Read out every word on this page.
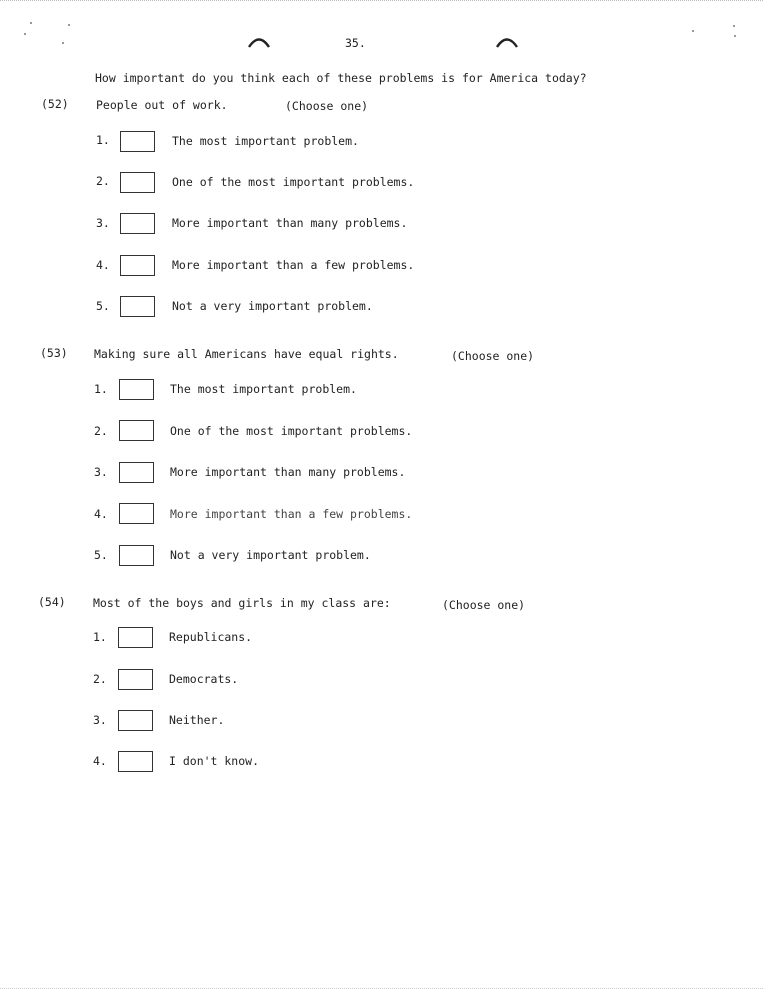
35.
How important do you think each of these problems is for America today?
(52) People out of work.	(Choose one)
1.	The most important problem.
2.	One of the most important problems.
3.	More important than many problems.
4.	More important than a few problems.
5.	Not a very important problem.
(53) Making sure all Americans have equal rights.	(Choose one)
1.	The most important problem.
2.	One of the most important problems.
3.	More important than many problems.
4.	More important than a few problems.
5.	Not a very important problem.
(54) Most of the boys and girls in my class are:	(Choose one)
1.	Republicans.
2.	Democrats.
3.	Neither.
4.	I don't know.
